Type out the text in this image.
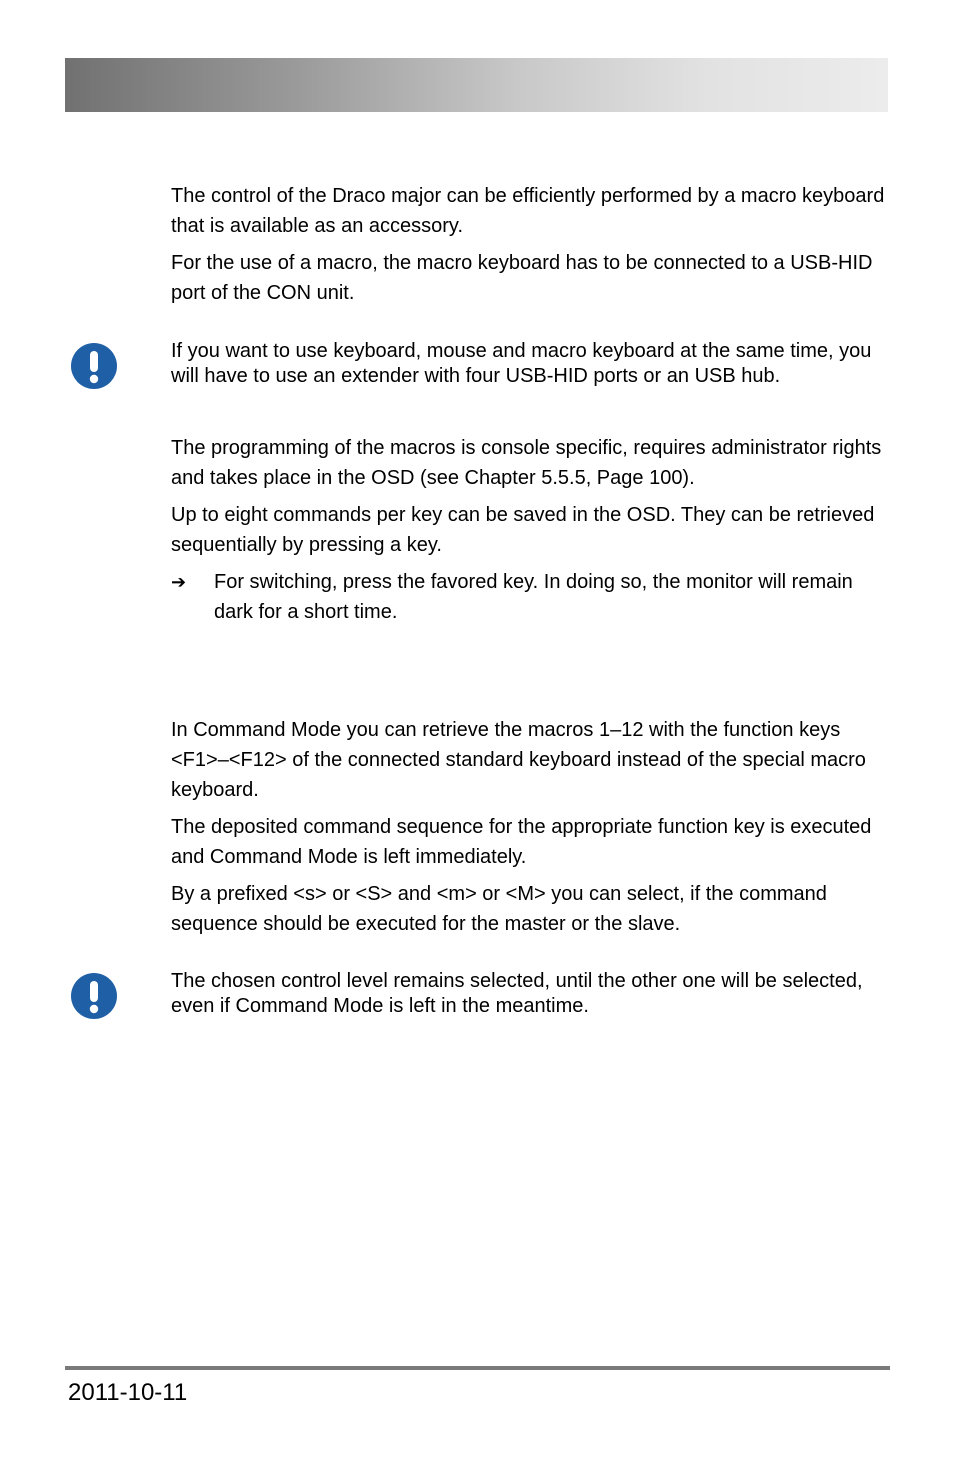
The control of the Draco major can be efficiently performed by a macro keyboard that is available as an accessory.

For the use of a macro, the macro keyboard has to be connected to a USB-HID port of the CON unit.

If you want to use keyboard, mouse and macro keyboard at the same time, you will have to use an extender with four USB-HID ports or an USB hub.

The programming of the macros is console specific, requires administrator rights and takes place in the OSD (see Chapter 5.5.5, Page 100).

Up to eight commands per key can be saved in the OSD. They can be retrieved sequentially by pressing a key.

➔ For switching, press the favored key. In doing so, the monitor will remain dark for a short time.

In Command Mode you can retrieve the macros 1–12 with the function keys <F1>–<F12> of the connected standard keyboard instead of the special macro keyboard.

The deposited command sequence for the appropriate function key is executed and Command Mode is left immediately.

By a prefixed <s> or <S> and <m> or <M> you can select, if the command sequence should be executed for the master or the slave.

The chosen control level remains selected, until the other one will be selected, even if Command Mode is left in the meantime.

2011-10-11
